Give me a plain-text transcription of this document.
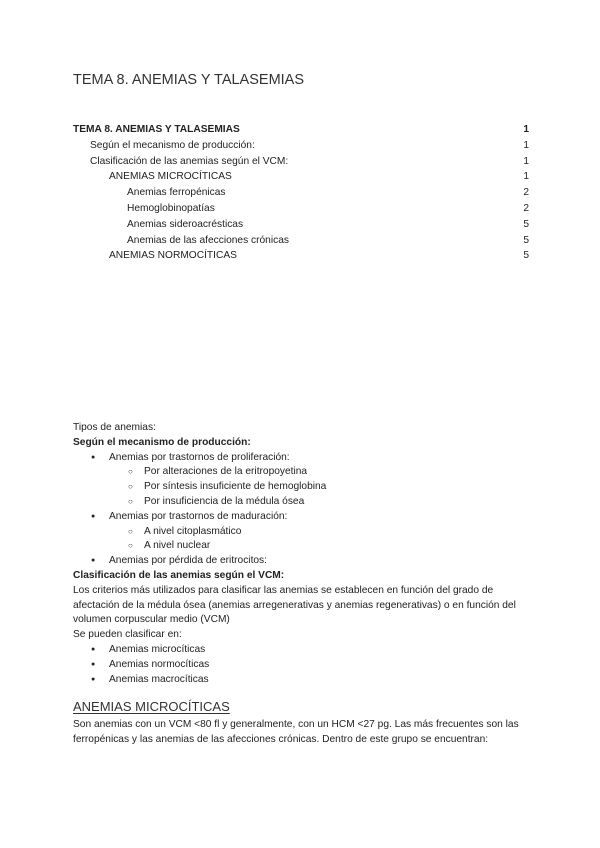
TEMA 8. ANEMIAS Y TALASEMIAS
TEMA 8. ANEMIAS Y TALASEMIAS	1
Según el mecanismo de producción:	1
Clasificación de las anemias según el VCM:	1
ANEMIAS MICROCÍTICAS	1
Anemias ferropénicas	2
Hemoglobinopatías	2
Anemias sideroacrésticas	5
Anemias de las afecciones crónicas	5
ANEMIAS NORMOCÍTICAS	5

Tipos de anemias:

Según el mecanismo de producción:

● Anemias por trastornos de proliferación:
○ Por alteraciones de la eritropoyetina
○ Por síntesis insuficiente de hemoglobina
○ Por insuficiencia de la médula ósea
● Anemias por trastornos de maduración:
○ A nivel citoplasmático
○ A nivel nuclear
● Anemias por pérdida de eritrocitos:

Clasificación de las anemias según el VCM:

Los criterios más utilizados para clasificar las anemias se establecen en función del grado de afectación de la médula ósea (anemias arregenerativas y anemias regenerativas) o en función del volumen corpuscular medio (VCM)

Se pueden clasificar en:

● Anemias microcíticas
● Anemias normocíticas
● Anemias macrocíticas
ANEMIAS MICROCÍTICAS

Son anemias con un VCM <80 fl y generalmente, con un HCM <27 pg. Las más frecuentes son las ferropénicas y las anemias de las afecciones crónicas. Dentro de este grupo se encuentran:
